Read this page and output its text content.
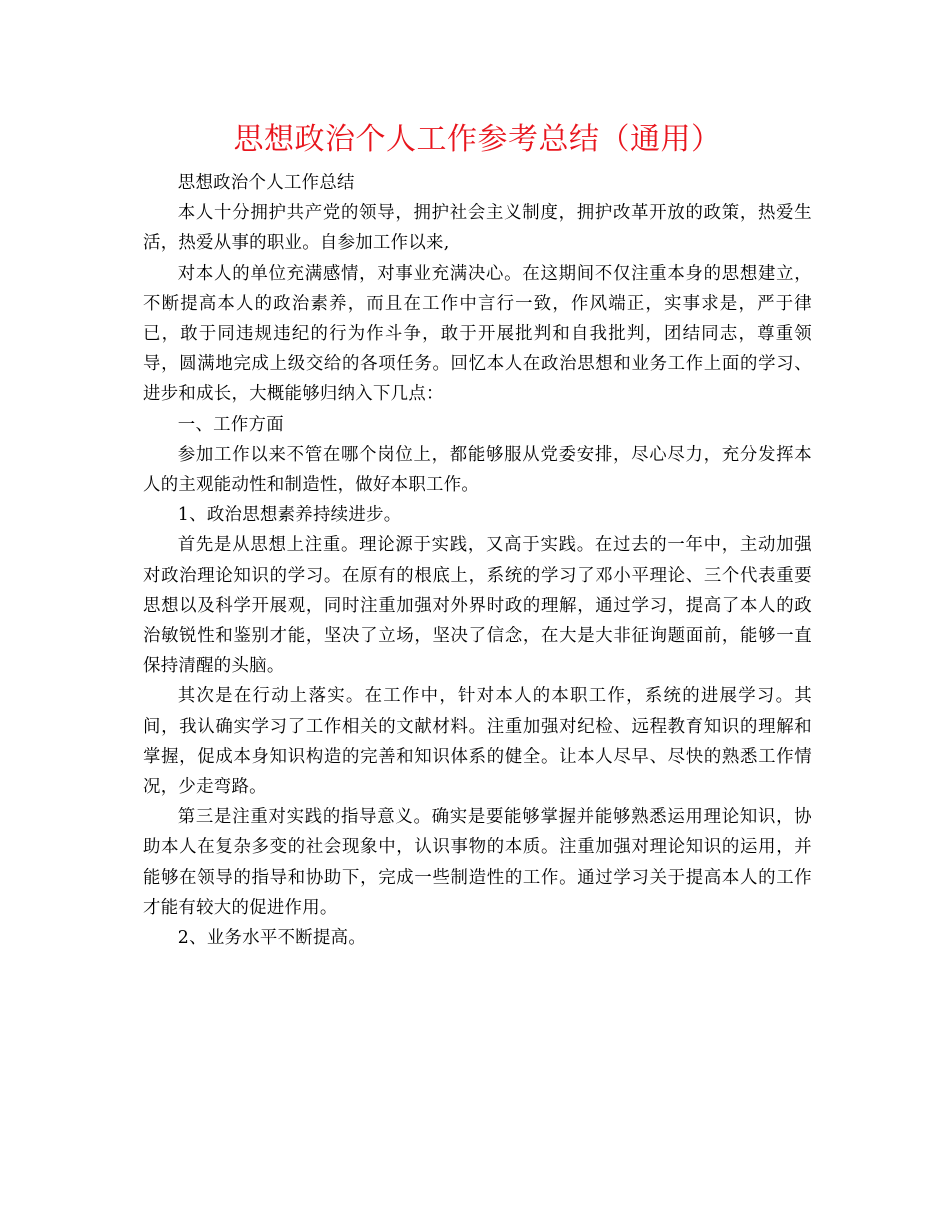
思想政治个人工作参考总结（通用）

思想政治个人工作总结

本人十分拥护共产党的领导，拥护社会主义制度，拥护改革开放的政策，热爱生活，热爱从事的职业。自参加工作以来,

对本人的单位充满感情，对事业充满决心。在这期间不仅注重本身的思想建立，不断提高本人的政治素养，而且在工作中言行一致，作风端正，实事求是，严于律已，敢于同违规违纪的行为作斗争，敢于开展批判和自我批判，团结同志，尊重领导，圆满地完成上级交给的各项任务。回忆本人在政治思想和业务工作上面的学习、进步和成长，大概能够归纳入下几点：

一、工作方面

参加工作以来不管在哪个岗位上，都能够服从党委安排，尽心尽力，充分发挥本人的主观能动性和制造性，做好本职工作。

1、政治思想素养持续进步。

首先是从思想上注重。理论源于实践，又高于实践。在过去的一年中，主动加强对政治理论知识的学习。在原有的根底上，系统的学习了邓小平理论、三个代表重要思想以及科学开展观，同时注重加强对外界时政的理解，通过学习，提高了本人的政治敏锐性和鉴别才能，坚决了立场，坚决了信念，在大是大非征询题面前，能够一直保持清醒的头脑。

其次是在行动上落实。在工作中，针对本人的本职工作，系统的进展学习。其间，我认确实学习了工作相关的文献材料。注重加强对纪检、远程教育知识的理解和掌握，促成本身知识构造的完善和知识体系的健全。让本人尽早、尽快的熟悉工作情况，少走弯路。

第三是注重对实践的指导意义。确实是要能够掌握并能够熟悉运用理论知识，协助本人在复杂多变的社会现象中，认识事物的本质。注重加强对理论知识的运用，并能够在领导的指导和协助下，完成一些制造性的工作。通过学习关于提高本人的工作才能有较大的促进作用。

2、业务水平不断提高。
